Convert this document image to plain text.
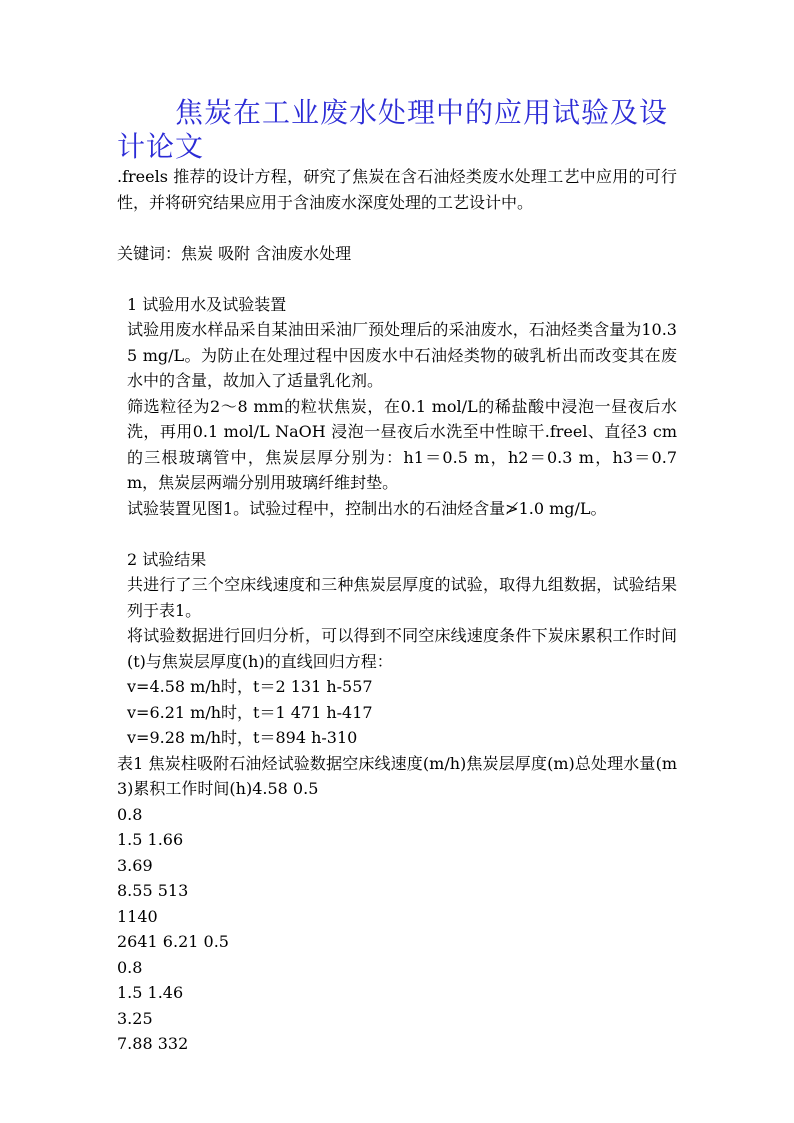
焦炭在工业废水处理中的应用试验及设计论文

.freels 推荐的设计方程，研究了焦炭在含石油烃类废水处理工艺中应用的可行性，并将研究结果应用于含油废水深度处理的工艺设计中。

关键词：焦炭 吸附 含油废水处理

1 试验用水及试验装置

试验用废水样品采自某油田采油厂预处理后的采油废水，石油烃类含量为10.35 mg/L。为防止在处理过程中因废水中石油烃类物的破乳析出而改变其在废水中的含量，故加入了适量乳化剂。

筛选粒径为2～8 mm的粒状焦炭，在0.1 mol/L的稀盐酸中浸泡一昼夜后水洗，再用0.1 mol/L NaOH 浸泡一昼夜后水洗至中性晾干.freel、直径3 cm的三根玻璃管中，焦炭层厚分别为：h1＝0.5 m，h2＝0.3 m，h3＝0.7 m，焦炭层两端分别用玻璃纤维封垫。

试验装置见图1。试验过程中，控制出水的石油烃含量≯1.0 mg/L。

2 试验结果

共进行了三个空床线速度和三种焦炭层厚度的试验，取得九组数据，试验结果列于表1。

将试验数据进行回归分析，可以得到不同空床线速度条件下炭床累积工作时间(t)与焦炭层厚度(h)的直线回归方程：

v=4.58 m/h时，t＝2 131 h-557

v=6.21 m/h时，t＝1 471 h-417

v=9.28 m/h时，t＝894 h-310

表1 焦炭柱吸附石油烃试验数据空床线速度(m/h)焦炭层厚度(m)总处理水量(m3)累积工作时间(h)4.58 0.5

0.8

1.5 1.66

3.69

8.55 513

1140

2641 6.21 0.5

0.8

1.5 1.46

3.25

7.88 332
